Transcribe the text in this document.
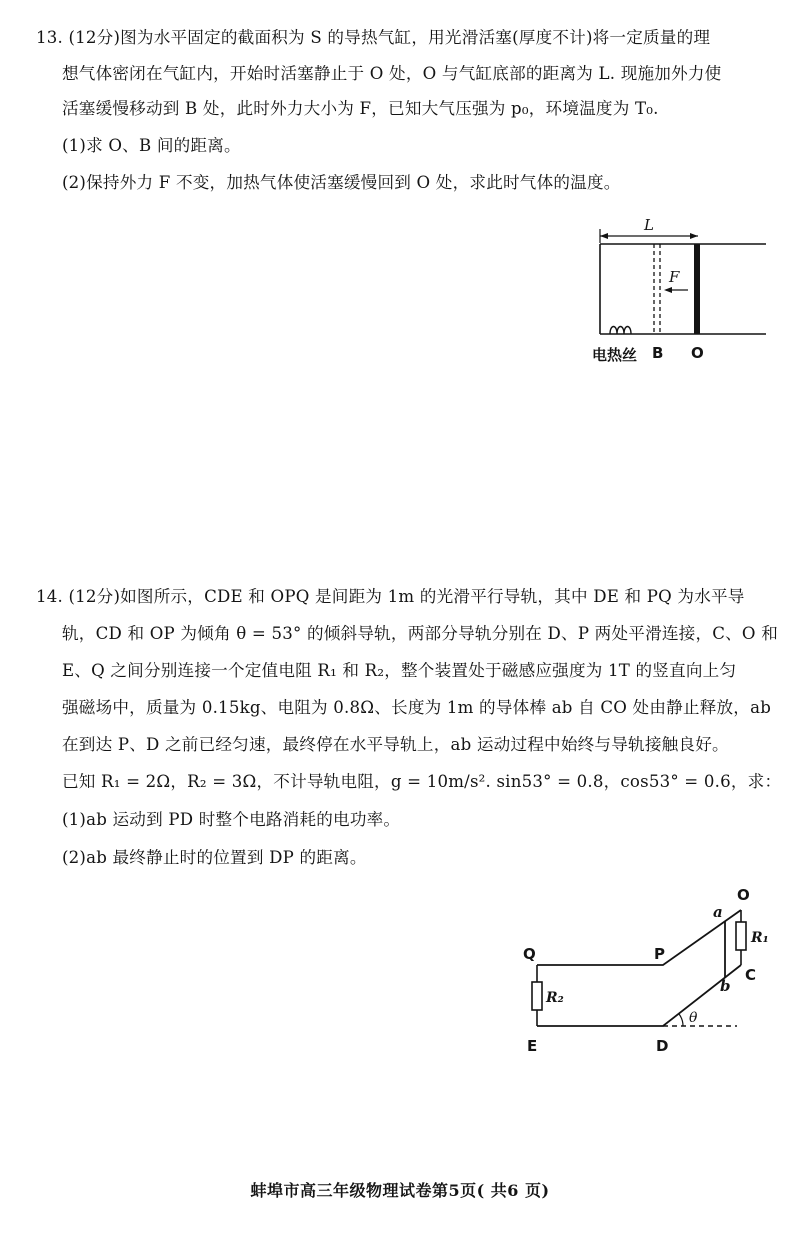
13. (12分)图为水平固定的截面积为 S 的导热气缸，用光滑活塞(厚度不计)将一定质量的理
想气体密闭在气缸内，开始时活塞静止于 O 处，O 与气缸底部的距离为 L. 现施加外力使
活塞缓慢移动到 B 处，此时外力大小为 F，已知大气压强为 p₀，环境温度为 T₀.
(1)求 O、B 间的距离。
(2)保持外力 F 不变，加热气体使活塞缓慢回到 O 处，求此时气体的温度。
L
F
电热丝 B O
14. (12分)如图所示，CDE 和 OPQ 是间距为 1m 的光滑平行导轨，其中 DE 和 PQ 为水平导
轨，CD 和 OP 为倾角 θ = 53° 的倾斜导轨，两部分导轨分别在 D、P 两处平滑连接，C、O 和
E、Q 之间分别连接一个定值电阻 R₁ 和 R₂，整个装置处于磁感应强度为 1T 的竖直向上匀
强磁场中，质量为 0.15kg、电阻为 0.8Ω、长度为 1m 的导体棒 ab 自 CO 处由静止释放，ab
在到达 P、D 之前已经匀速，最终停在水平导轨上，ab 运动过程中始终与导轨接触良好。
已知 R₁ = 2Ω，R₂ = 3Ω，不计导轨电阻，g = 10m/s². sin53° = 0.8，cos53° = 0.6，求：
(1)ab 运动到 PD 时整个电路消耗的电功率。
(2)ab 最终静止时的位置到 DP 的距离。
R₂
R₁
θ
Q	P
O
a
C
b
E	D
蚌埠市高三年级物理试卷第5页( 共6 页)
